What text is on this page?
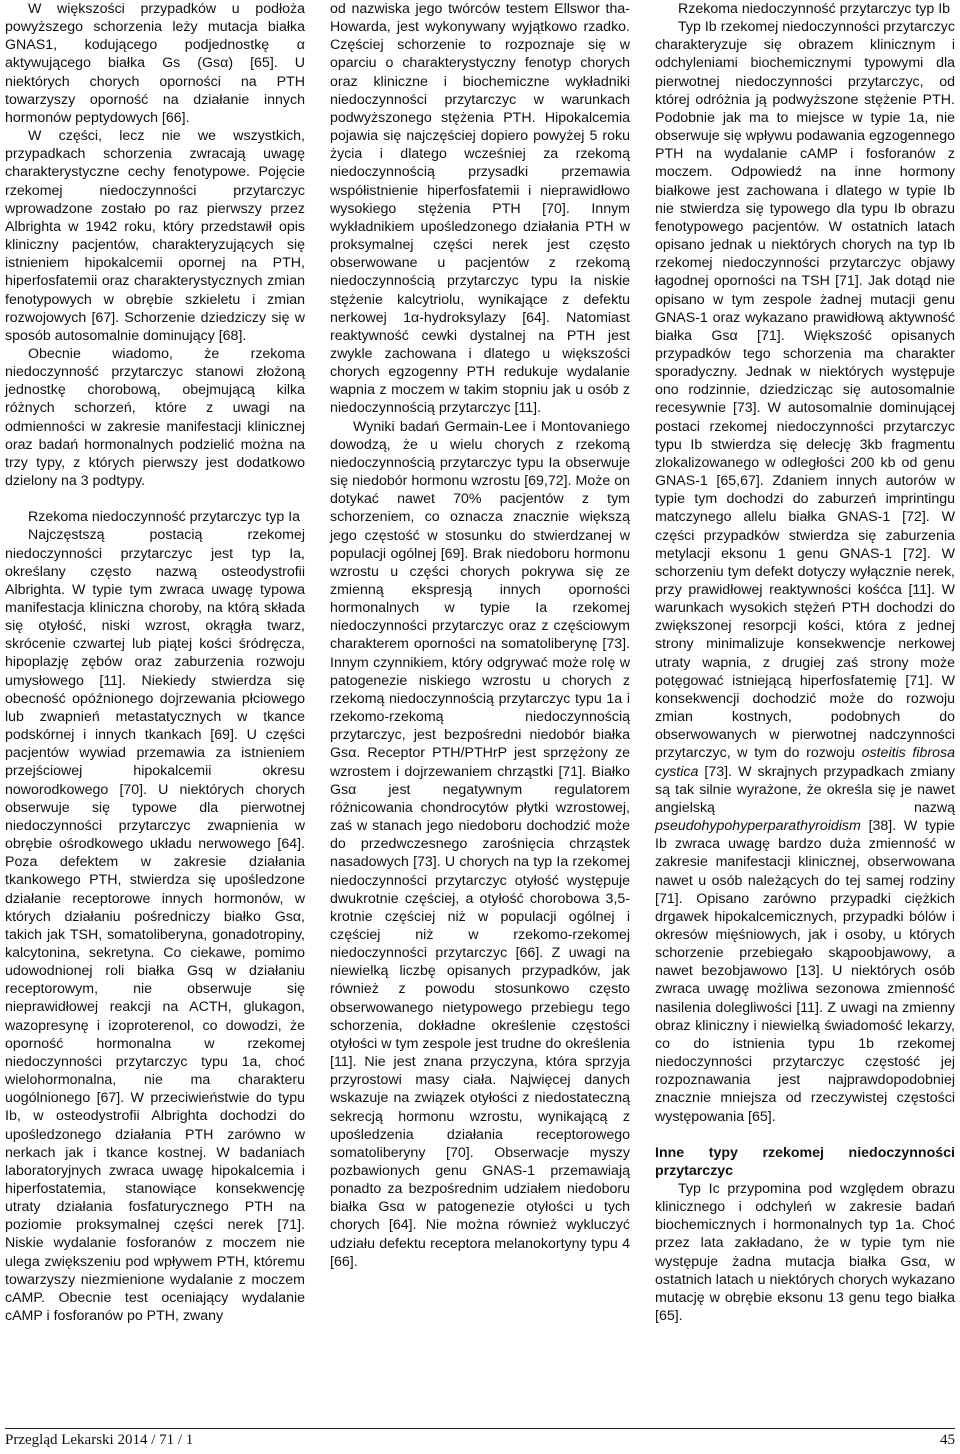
W większości przypadków u podłoża powyższego schorzenia leży mutacja białka GNAS1, kodującego podjednostkę α aktywującego białka Gs (Gsα) [65]. U niektórych chorych oporności na PTH towarzyszy oporność na działanie innych hormonów peptydowych [66].

W części, lecz nie we wszystkich, przypadkach schorzenia zwracają uwagę charakterystyczne cechy fenotypowe. Pojęcie rzekomej niedoczynności przytarczyc wprowadzone zostało po raz pierwszy przez Albrighta w 1942 roku, który przedstawił opis kliniczny pacjentów, charakteryzujących się istnieniem hipokalcemii opornej na PTH, hiperfosfatemii oraz charakterystycznych zmian fenotypowych w obrębie szkieletu i zmian rozwojowych [67]. Schorzenie dziedziczy się w sposób autosomalnie dominujący [68].

Obecnie wiadomo, że rzekoma niedoczynność przytarczyc stanowi złożoną jednostkę chorobową, obejmującą kilka różnych schorzeń, które z uwagi na odmienności w zakresie manifestacji klinicznej oraz badań hormonalnych podzielić można na trzy typy, z których pierwszy jest dodatkowo dzielony na 3 podtypy.

Rzekoma niedoczynność przytarczyc typ Ia

Najczęstszą postacią rzekomej niedoczynności przytarczyc jest typ Ia, określany często nazwą osteodystrofii Albrighta. W typie tym zwraca uwagę typowa manifestacja kliniczna choroby, na którą składa się otyłość, niski wzrost, okrągła twarz, skrócenie czwartej lub piątej kości śródręcza, hipoplazję zębów oraz zaburzenia rozwoju umysłowego [11]. Niekiedy stwierdza się obecność opóźnionego dojrzewania płciowego lub zwapnień metastatycznych w tkance podskórnej i innych tkankach [69]. U części pacjentów wywiad przemawia za istnieniem przejściowej hipokalcemii okresu noworodkowego [70]. U niektórych chorych obserwuje się typowe dla pierwotnej niedoczynności przytarczyc zwapnienia w obrębie ośrodkowego układu nerwowego [64]. Poza defektem w zakresie działania tkankowego PTH, stwierdza się upośledzone działanie receptorowe innych hormonów, w których działaniu pośredniczy białko Gsα, takich jak TSH, somatoliberyna, gonadotropiny, kalcytonina, sekretyna. Co ciekawe, pomimo udowodnionej roli białka Gsq w działaniu receptorowym, nie obserwuje się nieprawidłowej reakcji na ACTH, glukagon, wazopresynę i izoproterenol, co dowodzi, że oporność hormonalna w rzekomej niedoczynności przytarczyc typu 1a, choć wielohormonalna, nie ma charakteru uogólnionego [67]. W przeciwieństwie do typu Ib, w osteodystrofii Albrighta dochodzi do upośledzonego działania PTH zarówno w nerkach jak i tkance kostnej. W badaniach laboratoryjnych zwraca uwagę hipokalcemia i hiperfostatemia, stanowiące konsekwencję utraty działania fosfaturycznego PTH na poziomie proksymalnej części nerek [71]. Niskie wydalanie fosforanów z moczem nie ulega zwiększeniu pod wpływem PTH, któremu towarzyszy niezmienione wydalanie z moczem cAMP. Obecnie test oceniający wydalanie cAMP i fosforanów po PTH, zwany

od nazwiska jego twórców testem Ellswor tha-Howarda, jest wykonywany wyjątkowo rzadko. Częściej schorzenie to rozpoznaje się w oparciu o charakterystyczny fenotyp chorych oraz kliniczne i biochemiczne wykładniki niedoczynności przytarczyc w warunkach podwyższonego stężenia PTH. Hipokalcemia pojawia się najczęściej dopiero powyżej 5 roku życia i dlatego wcześniej za rzekomą niedoczynnością przysadki przemawia współistnienie hiperfosfatemii i nieprawidłowo wysokiego stężenia PTH [70]. Innym wykładnikiem upośledzonego działania PTH w proksymalnej części nerek jest często obserwowane u pacjentów z rzekomą niedoczynnością przytarczyc typu Ia niskie stężenie kalcytriolu, wynikające z defektu nerkowej 1α-hydroksylazy [64]. Natomiast reaktywność cewki dystalnej na PTH jest zwykle zachowana i dlatego u większości chorych egzogenny PTH redukuje wydalanie wapnia z moczem w takim stopniu jak u osób z niedoczynnością przytarczyc [11].

Wyniki badań Germain-Lee i Montovaniego dowodzą, że u wielu chorych z rzekomą niedoczynnością przytarczyc typu Ia obserwuje się niedobór hormonu wzrostu [69,72]. Może on dotykać nawet 70% pacjentów z tym schorzeniem, co oznacza znacznie większą jego częstość w stosunku do stwierdzanej w populacji ogólnej [69]. Brak niedoboru hormonu wzrostu u części chorych pokrywa się ze zmienną ekspresją innych oporności hormonalnych w typie Ia rzekomej niedoczynności przytarczyc oraz z częściowym charakterem oporności na somatoliberynę [73]. Innym czynnikiem, który odgrywać może rolę w patogenezie niskiego wzrostu u chorych z rzekomą niedoczynnością przytarczyc typu 1a i rzekomo-rzekomą niedoczynnością przytarczyc, jest bezpośredni niedobór białka Gsα. Receptor PTH/PTHrP jest sprzężony ze wzrostem i dojrzewaniem chrząstki [71]. Białko Gsα jest negatywnym regulatorem różnicowania chondrocytów płytki wzrostowej, zaś w stanach jego niedoboru dochodzić może do przedwczesnego zarośnięcia chrząstek nasadowych [73]. U chorych na typ Ia rzekomej niedoczynności przytarczyc otyłość występuje dwukrotnie częściej, a otyłość chorobowa 3,5-krotnie częściej niż w populacji ogólnej i częściej niż w rzekomo-rzekomej niedoczynności przytarczyc [66]. Z uwagi na niewielką liczbę opisanych przypadków, jak również z powodu stosunkowo często obserwowanego nietypowego przebiegu tego schorzenia, dokładne określenie częstości otyłości w tym zespole jest trudne do określenia [11]. Nie jest znana przyczyna, która sprzyja przyrostowi masy ciała. Najwięcej danych wskazuje na związek otyłości z niedostateczną sekrecją hormonu wzrostu, wynikającą z upośledzenia działania receptorowego somatoliberyny [70]. Obserwacje myszy pozbawionych genu GNAS-1 przemawiają ponadto za bezpośrednim udziałem niedoboru białka Gsα w patogenezie otyłości u tych chorych [64]. Nie można również wykluczyć udziału defektu receptora melanokortyny typu 4 [66].

Rzekoma niedoczynność przytarczyc typ Ib

Typ Ib rzekomej niedoczynności przytarczyc charakteryzuje się obrazem klinicznym i odchyleniami biochemicznymi typowymi dla pierwotnej niedoczynności przytarczyc, od której odróżnia ją podwyższone stężenie PTH. Podobnie jak ma to miejsce w typie 1a, nie obserwuje się wpływu podawania egzogennego PTH na wydalanie cAMP i fosforanów z moczem. Odpowiedź na inne hormony białkowe jest zachowana i dlatego w typie Ib nie stwierdza się typowego dla typu Ib obrazu fenotypowego pacjentów. W ostatnich latach opisano jednak u niektórych chorych na typ Ib rzekomej niedoczynności przytarczyc objawy łagodnej oporności na TSH [71]. Jak dotąd nie opisano w tym zespole żadnej mutacji genu GNAS-1 oraz wykazano prawidłową aktywność białka Gsα [71]. Większość opisanych przypadków tego schorzenia ma charakter sporadyczny. Jednak w niektórych występuje ono rodzinnie, dziedzicząc się autosomalnie recesywnie [73]. W autosomalnie dominującej postaci rzekomej niedoczynności przytarczyc typu Ib stwierdza się delecję 3kb fragmentu zlokalizowanego w odległości 200 kb od genu GNAS-1 [65,67]. Zdaniem innych autorów w typie tym dochodzi do zaburzeń imprintingu matczynego allelu białka GNAS-1 [72]. W części przypadków stwierdza się zaburzenia metylacji eksonu 1 genu GNAS-1 [72]. W schorzeniu tym defekt dotyczy wyłącznie nerek, przy prawidłowej reaktywności kośćca [11]. W warunkach wysokich stężeń PTH dochodzi do zwiększonej resorpcji kości, która z jednej strony minimalizuje konsekwencje nerkowej utraty wapnia, z drugiej zaś strony może potęgować istniejącą hiperfosfatemię [71]. W konsekwencji dochodzić może do rozwoju zmian kostnych, podobnych do obserwowanych w pierwotnej nadczynności przytarczyc, w tym do rozwoju osteitis fibrosa cystica [73]. W skrajnych przypadkach zmiany są tak silnie wyrażone, że określa się je nawet angielską nazwą pseudohypohyperparathyroidism [38]. W typie Ib zwraca uwagę bardzo duża zmienność w zakresie manifestacji klinicznej, obserwowana nawet u osób należących do tej samej rodziny [71]. Opisano zarówno przypadki ciężkich drgawek hipokalcemicznych, przypadki bólów i okresów mięśniowych, jak i osoby, u których schorzenie przebiegało skąpoobjawowy, a nawet bezobjawowo [13]. U niektórych osób zwraca uwagę możliwa sezonowa zmienność nasilenia dolegliwości [11]. Z uwagi na zmienny obraz kliniczny i niewielką świadomość lekarzy, co do istnienia typu 1b rzekomej niedoczynności przytarczyc częstość jej rozpoznawania jest najprawdopodobniej znacznie mniejsza od rzeczywistej częstości występowania [65].

Inne typy rzekomej niedoczynności przytarczyc

Typ Ic przypomina pod względem obrazu klinicznego i odchyleń w zakresie badań biochemicznych i hormonalnych typ 1a. Choć przez lata zakładano, że w typie tym nie występuje żadna mutacja białka Gsα, w ostatnich latach u niektórych chorych wykazano mutację w obrębie eksonu 13 genu tego białka [65].

Przegląd Lekarski 2014 / 71 / 1	45
